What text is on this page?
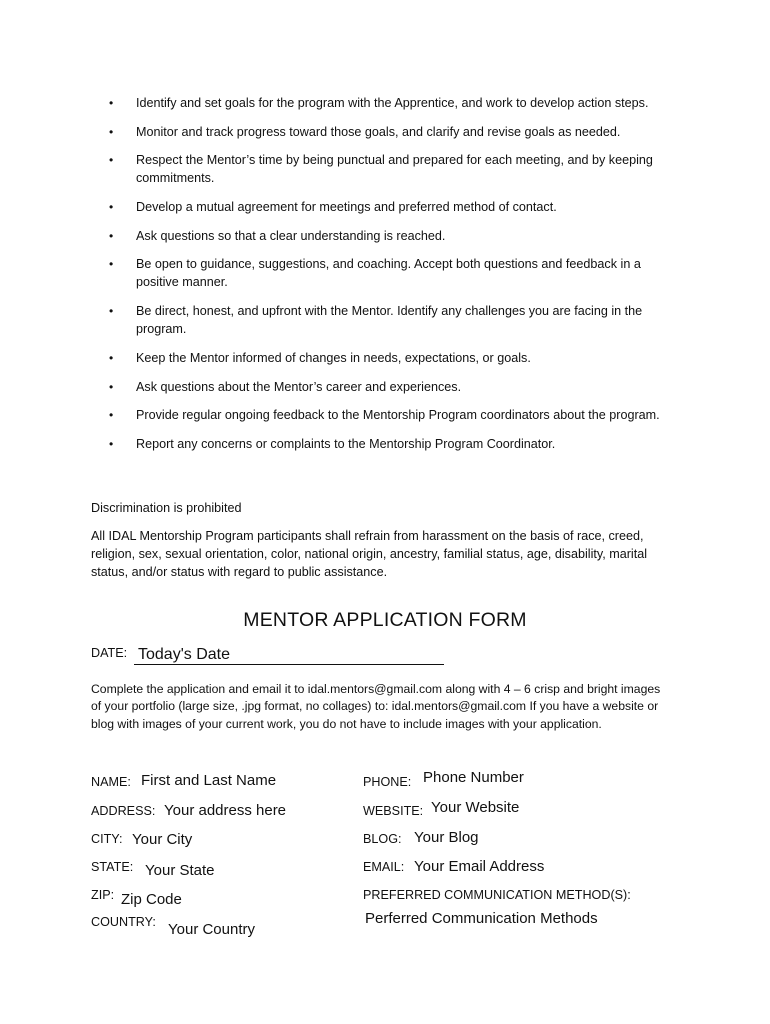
• Identify and set goals for the program with the Apprentice, and work to develop action steps.
• Monitor and track progress toward those goals, and clarify and revise goals as needed.
• Respect the Mentor’s time by being punctual and prepared for each meeting, and by keeping commitments.
• Develop a mutual agreement for meetings and preferred method of contact.
• Ask questions so that a clear understanding is reached.
• Be open to guidance, suggestions, and coaching. Accept both questions and feedback in a positive manner.
• Be direct, honest, and upfront with the Mentor. Identify any challenges you are facing in the program.
• Keep the Mentor informed of changes in needs, expectations, or goals.
• Ask questions about the Mentor’s career and experiences.
• Provide regular ongoing feedback to the Mentorship Program coordinators about the program.
• Report any concerns or complaints to the Mentorship Program Coordinator.
Discrimination is prohibited
All IDAL Mentorship Program participants shall refrain from harassment on the basis of race, creed, religion, sex, sexual orientation, color, national origin, ancestry, familial status, age, disability, marital status, and/or status with regard to public assistance.
MENTOR APPLICATION FORM
DATE: Today's Date
Complete the application and email it to idal.mentors@gmail.com along with 4 – 6 crisp and bright images of your portfolio (large size, .jpg format, no collages) to: idal.mentors@gmail.com If you have a website or blog with images of your current work, you do not have to include images with your application.
NAME: First and Last Name
ADDRESS: Your address here
CITY: Your City
STATE: Your State
ZIP: Zip Code
COUNTRY: Your Country
PHONE: Phone Number
WEBSITE: Your Website
BLOG: Your Blog
EMAIL: Your Email Address
PREFERRED COMMUNICATION METHOD(S):
Perferred Communication Methods
